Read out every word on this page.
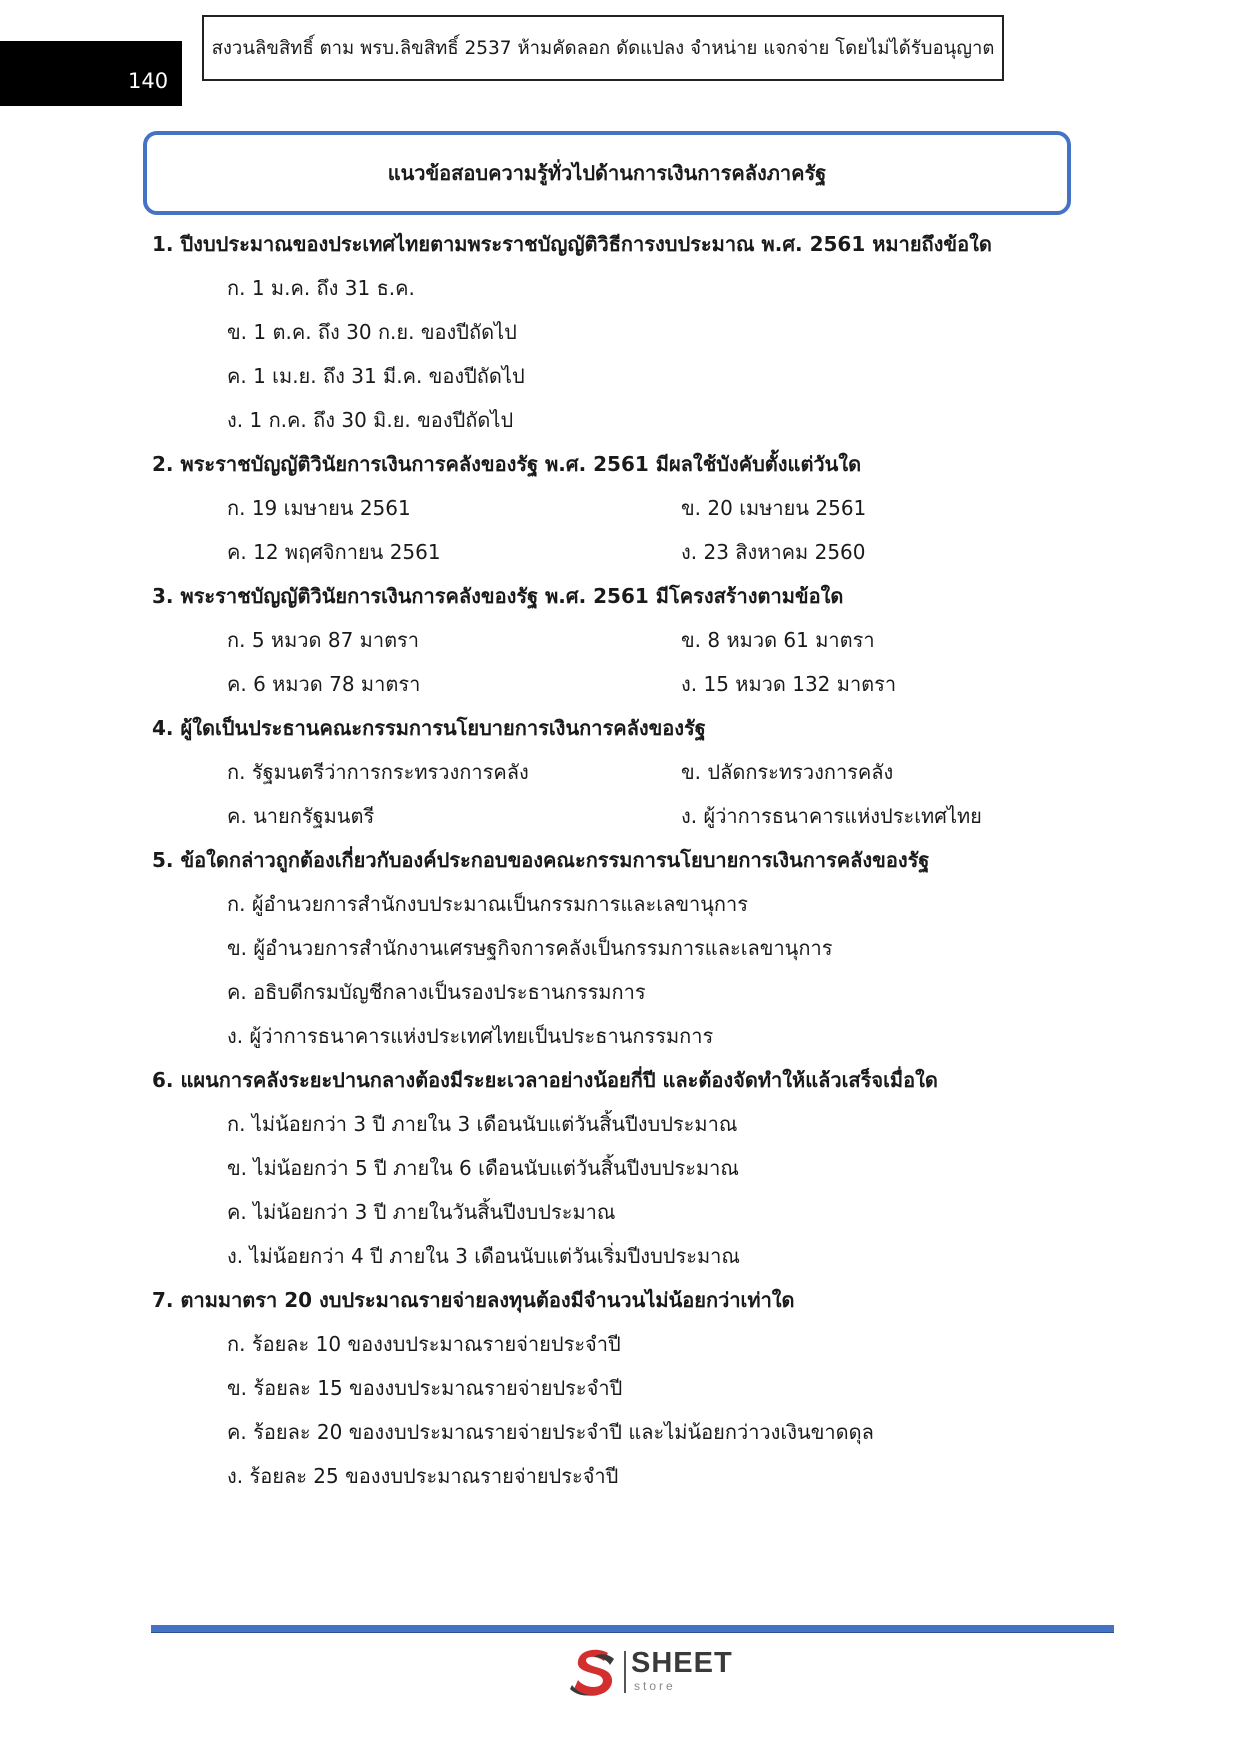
140
สงวนลิขสิทธิ์ ตาม พรบ.ลิขสิทธิ์ 2537 ห้ามคัดลอก ดัดแปลง จำหน่าย แจกจ่าย โดยไม่ได้รับอนุญาต
แนวข้อสอบความรู้ทั่วไปด้านการเงินการคลังภาครัฐ
1. ปีงบประมาณของประเทศไทยตามพระราชบัญญัติวิธีการงบประมาณ พ.ศ. 2561 หมายถึงข้อใด
ก. 1 ม.ค. ถึง 31 ธ.ค.
ข. 1 ต.ค. ถึง 30 ก.ย. ของปีถัดไป
ค. 1 เม.ย. ถึง 31 มี.ค. ของปีถัดไป
ง. 1 ก.ค. ถึง 30 มิ.ย. ของปีถัดไป
2. พระราชบัญญัติวินัยการเงินการคลังของรัฐ พ.ศ. 2561 มีผลใช้บังคับตั้งแต่วันใด
ก. 19 เมษายน 2561	ข. 20 เมษายน 2561
ค. 12 พฤศจิกายน 2561	ง. 23 สิงหาคม 2560
3. พระราชบัญญัติวินัยการเงินการคลังของรัฐ พ.ศ. 2561 มีโครงสร้างตามข้อใด
ก. 5 หมวด 87 มาตรา	ข. 8 หมวด 61 มาตรา
ค. 6 หมวด 78 มาตรา	ง. 15 หมวด 132 มาตรา
4. ผู้ใดเป็นประธานคณะกรรมการนโยบายการเงินการคลังของรัฐ
ก. รัฐมนตรีว่าการกระทรวงการคลัง	ข. ปลัดกระทรวงการคลัง
ค. นายกรัฐมนตรี	ง. ผู้ว่าการธนาคารแห่งประเทศไทย
5. ข้อใดกล่าวถูกต้องเกี่ยวกับองค์ประกอบของคณะกรรมการนโยบายการเงินการคลังของรัฐ
ก. ผู้อำนวยการสำนักงบประมาณเป็นกรรมการและเลขานุการ
ข. ผู้อำนวยการสำนักงานเศรษฐกิจการคลังเป็นกรรมการและเลขานุการ
ค. อธิบดีกรมบัญชีกลางเป็นรองประธานกรรมการ
ง. ผู้ว่าการธนาคารแห่งประเทศไทยเป็นประธานกรรมการ
6. แผนการคลังระยะปานกลางต้องมีระยะเวลาอย่างน้อยกี่ปี และต้องจัดทำให้แล้วเสร็จเมื่อใด
ก. ไม่น้อยกว่า 3 ปี ภายใน 3 เดือนนับแต่วันสิ้นปีงบประมาณ
ข. ไม่น้อยกว่า 5 ปี ภายใน 6 เดือนนับแต่วันสิ้นปีงบประมาณ
ค. ไม่น้อยกว่า 3 ปี ภายในวันสิ้นปีงบประมาณ
ง. ไม่น้อยกว่า 4 ปี ภายใน 3 เดือนนับแต่วันเริ่มปีงบประมาณ
7. ตามมาตรา 20 งบประมาณรายจ่ายลงทุนต้องมีจำนวนไม่น้อยกว่าเท่าใด
ก. ร้อยละ 10 ของงบประมาณรายจ่ายประจำปี
ข. ร้อยละ 15 ของงบประมาณรายจ่ายประจำปี
ค. ร้อยละ 20 ของงบประมาณรายจ่ายประจำปี และไม่น้อยกว่าวงเงินขาดดุล
ง. ร้อยละ 25 ของงบประมาณรายจ่ายประจำปี
SHEET
store
